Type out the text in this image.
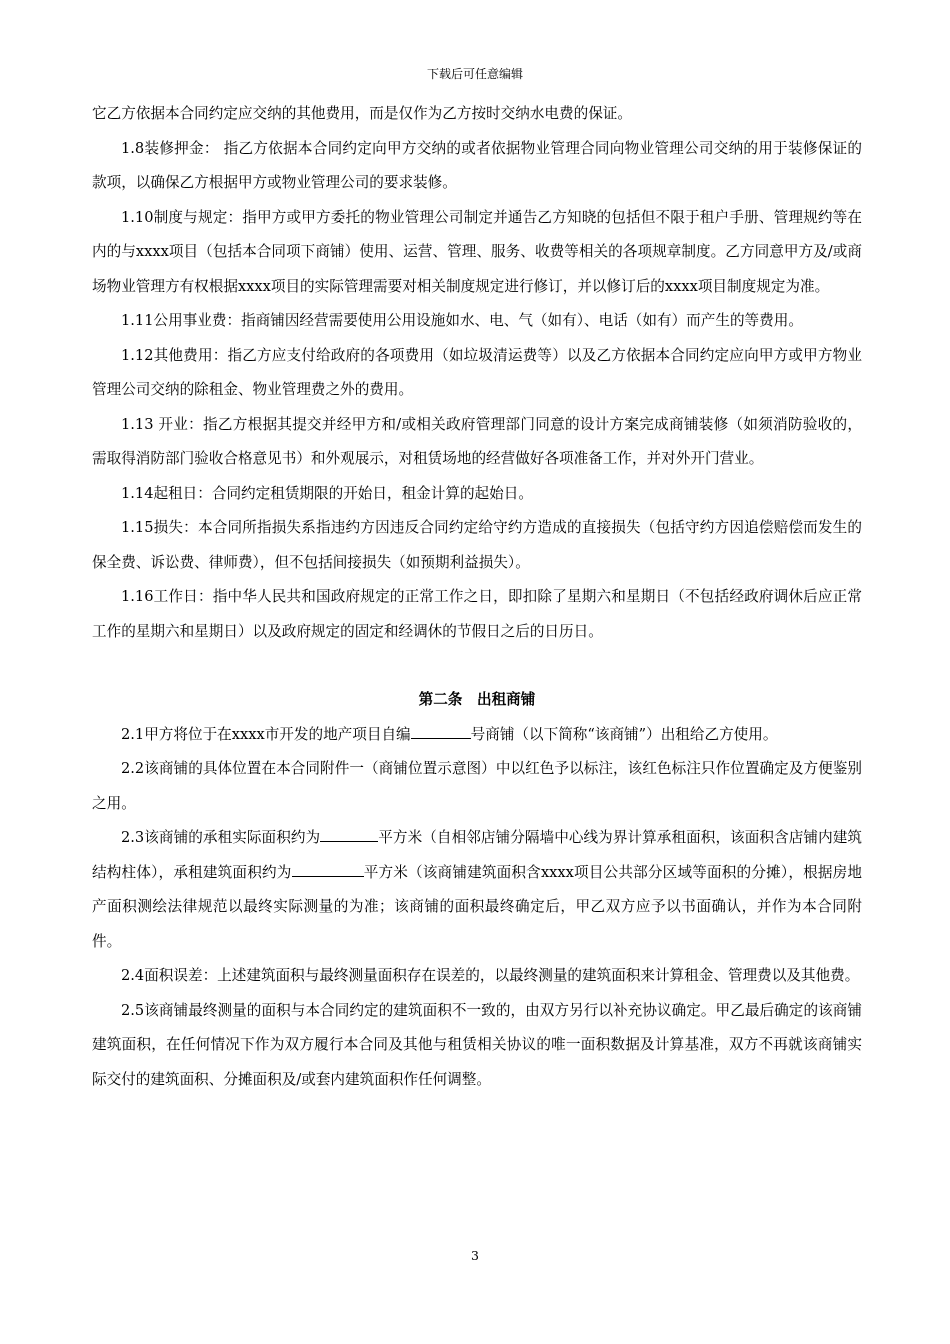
下载后可任意编辑

它乙方依据本合同约定应交纳的其他费用，而是仅作为乙方按时交纳水电费的保证。

1.8装修押金： 指乙方依据本合同约定向甲方交纳的或者依据物业管理合同向物业管理公司交纳的用于装修保证的款项，以确保乙方根据甲方或物业管理公司的要求装修。

1.10制度与规定：指甲方或甲方委托的物业管理公司制定并通告乙方知晓的包括但不限于租户手册、管理规约等在内的与xxxx项目（包括本合同项下商铺）使用、运营、管理、服务、收费等相关的各项规章制度。乙方同意甲方及/或商场物业管理方有权根据xxxx项目的实际管理需要对相关制度规定进行修订，并以修订后的xxxx项目制度规定为准。

1.11公用事业费：指商铺因经营需要使用公用设施如水、电、气（如有）、电话（如有）而产生的等费用。

1.12其他费用：指乙方应支付给政府的各项费用（如垃圾清运费等）以及乙方依据本合同约定应向甲方或甲方物业管理公司交纳的除租金、物业管理费之外的费用。

1.13 开业：指乙方根据其提交并经甲方和/或相关政府管理部门同意的设计方案完成商铺装修（如须消防验收的，需取得消防部门验收合格意见书）和外观展示，对租赁场地的经营做好各项准备工作，并对外开门营业。

1.14起租日：合同约定租赁期限的开始日，租金计算的起始日。

1.15损失：本合同所指损失系指违约方因违反合同约定给守约方造成的直接损失（包括守约方因追偿赔偿而发生的保全费、诉讼费、律师费），但不包括间接损失（如预期利益损失）。

1.16工作日：指中华人民共和国政府规定的正常工作之日，即扣除了星期六和星期日（不包括经政府调休后应正常工作的星期六和星期日）以及政府规定的固定和经调休的节假日之后的日历日。

第二条　出租商铺

2.1甲方将位于在xxxx市开发的地产项目自编	号商铺（以下简称“该商铺”）出租给乙方使用。

2.2该商铺的具体位置在本合同附件一（商铺位置示意图）中以红色予以标注，该红色标注只作位置确定及方便鉴别之用。

2.3该商铺的承租实际面积约为	平方米（自相邻店铺分隔墙中心线为界计算承租面积，该面积含店铺内建筑结构柱体），承租建筑面积约为	平方米（该商铺建筑面积含xxxx项目公共部分区域等面积的分摊），根据房地产面积测绘法律规范以最终实际测量的为准；该商铺的面积最终确定后，甲乙双方应予以书面确认，并作为本合同附件。

2.4面积误差：上述建筑面积与最终测量面积存在误差的，以最终测量的建筑面积来计算租金、管理费以及其他费。

2.5该商铺最终测量的面积与本合同约定的建筑面积不一致的，由双方另行以补充协议确定。甲乙最后确定的该商铺建筑面积，在任何情况下作为双方履行本合同及其他与租赁相关协议的唯一面积数据及计算基准，双方不再就该商铺实际交付的建筑面积、分摊面积及/或套内建筑面积作任何调整。

3
